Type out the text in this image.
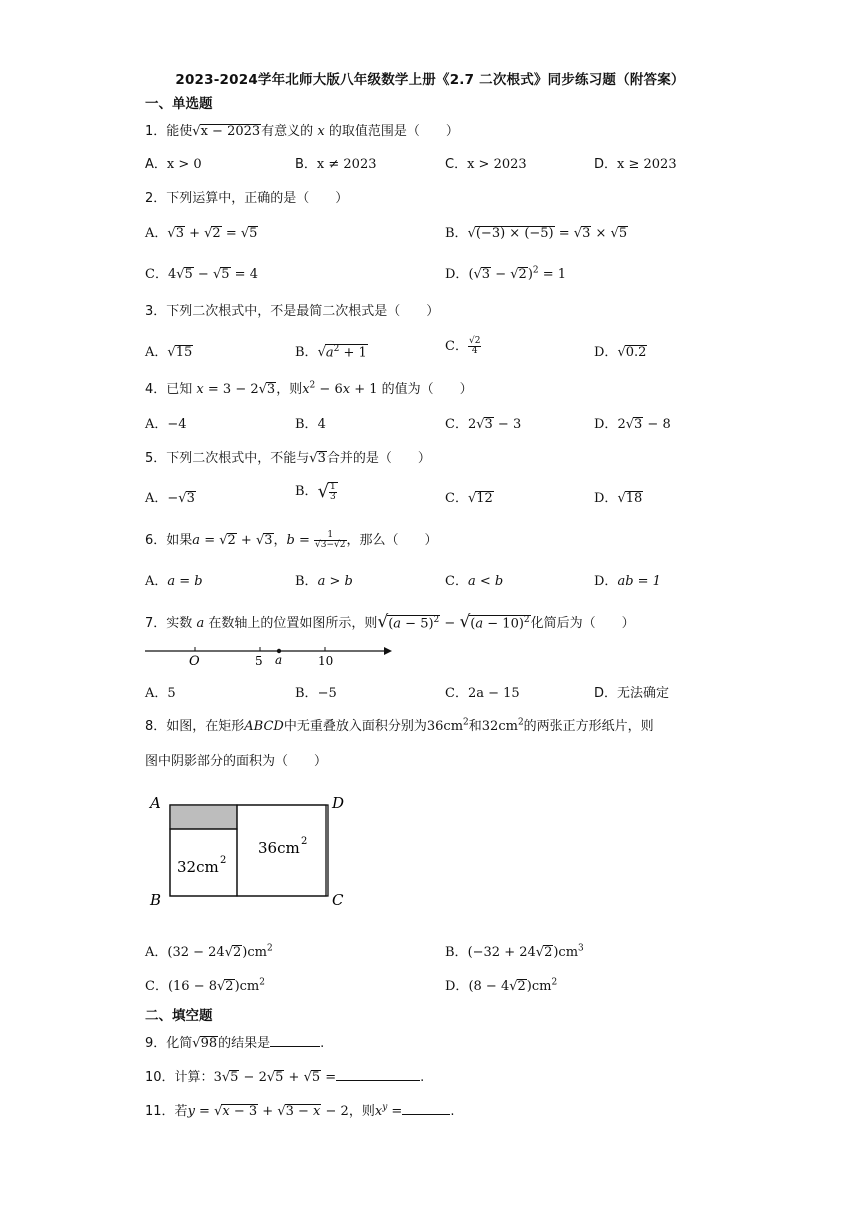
2023-2024学年北师大版八年级数学上册《2.7 二次根式》同步练习题（附答案）
一、单选题
1．能使√x − 2023有意义的 x 的取值范围是（　　）
A．x > 0	B．x ≠ 2023	C．x > 2023	D．x ≥ 2023
2．下列运算中，正确的是（　　）
A．√3 + √2 = √5	B．√(−3) × (−5) = √3 × √5
C．4√5 − √5 = 4	D．$(√3 - √2)^2 = 1$
3．下列二次根式中，不是最简二次根式是（　　）
A．√15	B．$√a^2 + 1$	C． $\frac{√2}{4}$	D．√0.2
4．已知 x = 3 − 2√3，则$x^2 - 6x + 1$ 的值为（　　）
A．−4	B．4	C．2√3 − 3	D．2√3 − 8
5．下列二次根式中，不能与√3合并的是（　　）
A．−√3	B．√ $\frac{1}{3}$	C．√12	D．√18
6．如果a = √2 + √3，$b = \frac{1}{√3-√2}$ ，那么（　　）
A．a = b	B．a > b	C．a < b	D．ab = 1
7．实数 a 在数轴上的位置如图所示，则$√(a - 5)^2 - √(a - 10)^2$化简后为（　　）
O	5 a	10
A．5	B．−5	C．2a − 15	D．无法确定
8．如图，在矩形ABCD中无重叠放入面积分别为$36cm^2$和$32cm^2$的两张正方形纸片，则
图中阴影部分的面积为（　　）
A
B	C
D
32cm 2
36cm 2
A．$(32 - 24√2)cm^2$	B．$(-32 + 24√2)cm^3$
C．$(16 - 8√2)cm^2$	D．$(8 - 4√2)cm^2$
二、填空题
9．化简√98的结果是	.
10．计算：3√5 − 2√5 + √5 =	.
11．若y = √x − 3 + √3 − x − 2，则$x^y$ =	.
